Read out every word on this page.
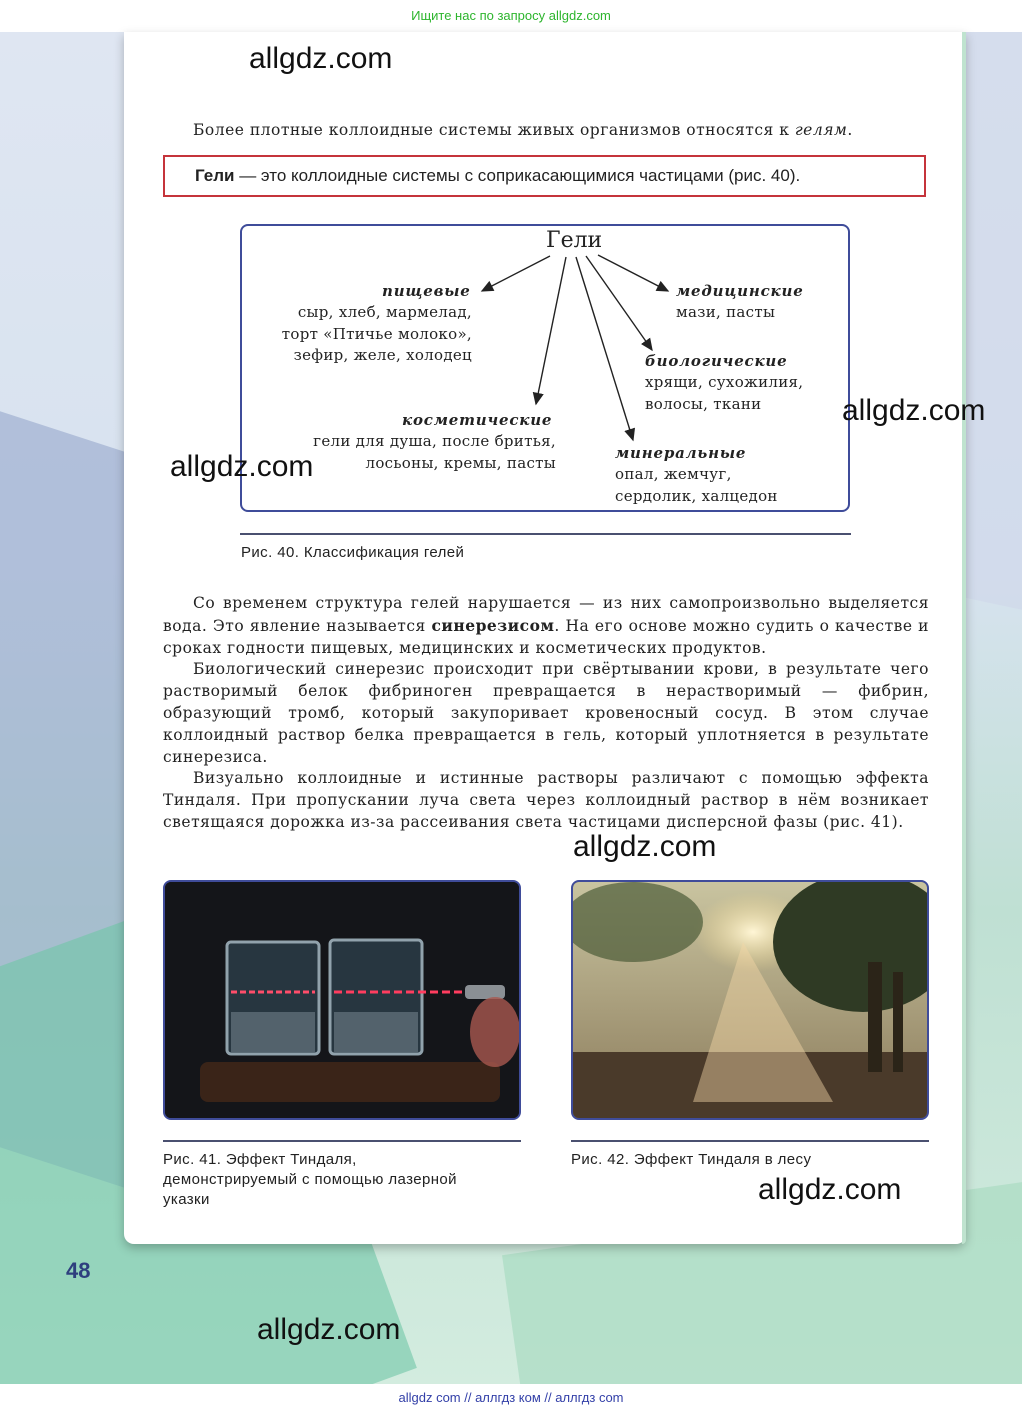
Ищите нас по запросу allgdz.com

Более плотные коллоидные системы живых организмов относятся к гелям.

Гели — это коллоидные системы с соприкасающимися частицами (рис. 40).
Гели
пищевые
сыр, хлеб, мармелад,
торт «Птичье молоко»,
зефир, желе, холодец
медицинские
мази, пасты
биологические
хрящи, сухожилия,
волосы, ткани
косметические
гели для душа, после бритья,
лосьоны, кремы, пасты
минеральные
опал, жемчуг,
сердолик, халцедон
Рис. 40. Классификация гелей

Со временем структура гелей нарушается — из них самопроизвольно выделяется вода. Это явление называется синерезисом. На его основе можно судить о качестве и сроках годности пищевых, медицинских и косметических продуктов.

Биологический синерезис происходит при свёртывании крови, в результате чего растворимый белок фибриноген превращается в нерастворимый — фибрин, образующий тромб, который закупоривает кровеносный сосуд. В этом случае коллоидный раствор белка превращается в гель, который уплотняется в результате синерезиса.

Визуально коллоидные и истинные растворы различают с помощью эффекта Тиндаля. При пропускании луча света через коллоидный раствор в нём возникает светящаяся дорожка из-за рассеивания света частицами дисперсной фазы (рис. 41).

Рис. 41. Эффект Тиндаля,
демонстрируемый с помощью лазерной
указки
Рис. 42. Эффект Тиндаля в лесу
48
allgdz.com
allgdz.com
allgdz.com
allgdz.com
allgdz.com
allgdz.com
allgdz com // аллгдз ком // аллгдз com
